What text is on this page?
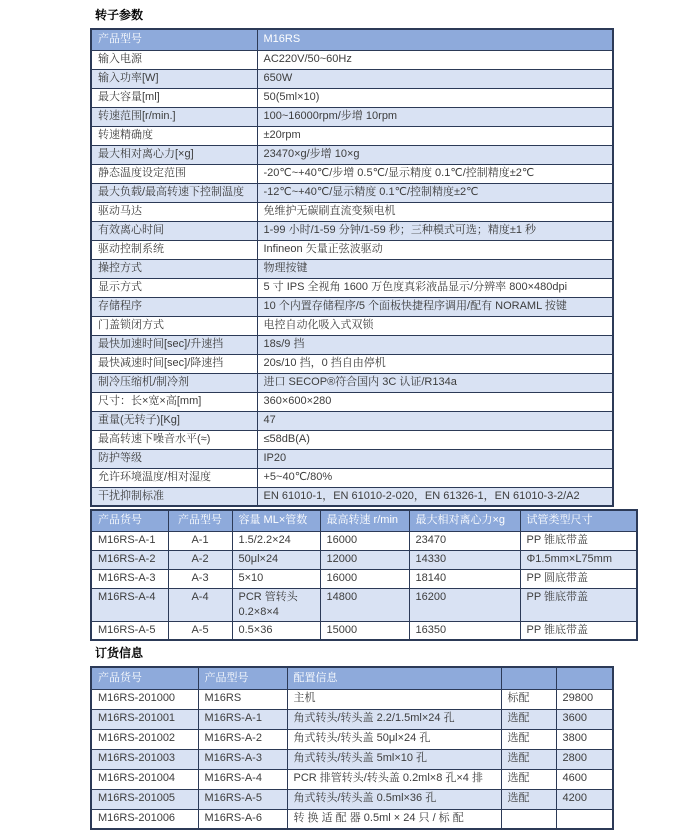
转子参数
产品型号	M16RS
输入电源	AC220V/50~60Hz
输入功率[W]	650W
最大容量[ml]	50(5ml×10)
转速范围[r/min.]	100~16000rpm/步增 10rpm
转速精确度	±20rpm
最大相对离心力[×g]	23470×g/步增 10×g
静态温度设定范围	-20℃~+40℃/步增 0.5℃/显示精度 0.1℃/控制精度±2℃
最大负载/最高转速下控制温度	-12℃~+40℃/显示精度 0.1℃/控制精度±2℃
驱动马达	免维护无碳刷直流变频电机
有效离心时间	1-99 小时/1-59 分钟/1-59 秒；三种模式可选；精度±1 秒
驱动控制系统	Infineon 矢量正弦波驱动
操控方式	物理按键
显示方式	5 寸 IPS 全视角 1600 万色度真彩液晶显示/分辨率 800×480dpi
存储程序	10 个内置存储程序/5 个面板快捷程序调用/配有 NORAML 按键
门盖锁闭方式	电控自动化吸入式双锁
最快加速时间[sec]/升速挡	18s/9 挡
最快减速时间[sec]/降速挡	20s/10 挡，0 挡自由停机
制冷压缩机/制冷剂	进口 SECOP®符合国内 3C 认证/R134a
尺寸：长×宽×高[mm]	360×600×280
重量(无转子)[Kg]	47
最高转速下噪音水平(≈)	≤58dB(A)
防护等级	IP20
允许环境温度/相对湿度	+5~40℃/80%
干扰抑制标准	EN 61010-1，EN 61010-2-020，EN 61326-1，EN 61010-3-2/A2
产品货号	产品型号	容量 ML×管数	最高转速 r/min	最大相对离心力×g	试管类型尺寸
M16RS-A-1	A-1	1.5/2.2×24	16000	23470	PP 锥底带盖
M16RS-A-2	A-2	50μl×24	12000	14330	Φ1.5mm×L75mm
M16RS-A-3	A-3	5×10	16000	18140	PP 圆底带盖
M16RS-A-4	A-4	PCR 管转头 0.2×8×4	14800	16200	PP 锥底带盖
M16RS-A-5	A-5	0.5×36	15000	16350	PP 锥底带盖
订货信息
产品货号	产品型号	配置信息		
M16RS-201000	M16RS	主机	标配	29800
M16RS-201001	M16RS-A-1	角式转头/转头盖 2.2/1.5ml×24 孔	选配	3600
M16RS-201002	M16RS-A-2	角式转头/转头盖 50μl×24 孔	选配	3800
M16RS-201003	M16RS-A-3	角式转头/转头盖 5ml×10 孔	选配	2800
M16RS-201004	M16RS-A-4	PCR 排管转头/转头盖 0.2ml×8 孔×4 排	选配	4600
M16RS-201005	M16RS-A-5	角式转头/转头盖 0.5ml×36 孔	选配	4200
M16RS-201006	M16RS-A-6	转 换 适 配 器 0.5ml × 24 只 / 标 配		
